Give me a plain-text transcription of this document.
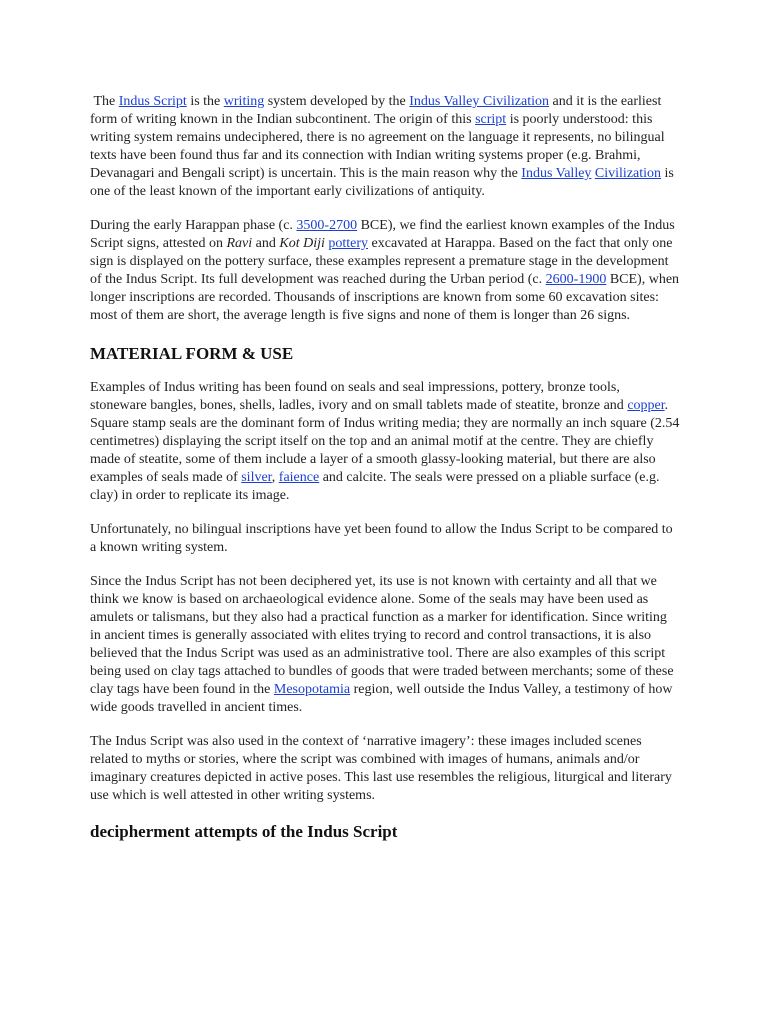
The Indus Script is the writing system developed by the Indus Valley Civilization and it is the earliest form of writing known in the Indian subcontinent. The origin of this script is poorly understood: this writing system remains undeciphered, there is no agreement on the language it represents, no bilingual texts have been found thus far and its connection with Indian writing systems proper (e.g. Brahmi, Devanagari and Bengali script) is uncertain. This is the main reason why the Indus Valley Civilization is one of the least known of the important early civilizations of antiquity.

During the early Harappan phase (c. 3500-2700 BCE), we find the earliest known examples of the Indus Script signs, attested on Ravi and Kot Diji pottery excavated at Harappa. Based on the fact that only one sign is displayed on the pottery surface, these examples represent a premature stage in the development of the Indus Script. Its full development was reached during the Urban period (c. 2600-1900 BCE), when longer inscriptions are recorded. Thousands of inscriptions are known from some 60 excavation sites: most of them are short, the average length is five signs and none of them is longer than 26 signs.

MATERIAL FORM & USE

Examples of Indus writing has been found on seals and seal impressions, pottery, bronze tools, stoneware bangles, bones, shells, ladles, ivory and on small tablets made of steatite, bronze and copper. Square stamp seals are the dominant form of Indus writing media; they are normally an inch square (2.54 centimetres) displaying the script itself on the top and an animal motif at the centre. They are chiefly made of steatite, some of them include a layer of a smooth glassy-looking material, but there are also examples of seals made of silver, faience and calcite. The seals were pressed on a pliable surface (e.g. clay) in order to replicate its image.

Unfortunately, no bilingual inscriptions have yet been found to allow the Indus Script to be compared to a known writing system.

Since the Indus Script has not been deciphered yet, its use is not known with certainty and all that we think we know is based on archaeological evidence alone. Some of the seals may have been used as amulets or talismans, but they also had a practical function as a marker for identification. Since writing in ancient times is generally associated with elites trying to record and control transactions, it is also believed that the Indus Script was used as an administrative tool. There are also examples of this script being used on clay tags attached to bundles of goods that were traded between merchants; some of these clay tags have been found in the Mesopotamia region, well outside the Indus Valley, a testimony of how wide goods travelled in ancient times.

The Indus Script was also used in the context of ‘narrative imagery’: these images included scenes related to myths or stories, where the script was combined with images of humans, animals and/or imaginary creatures depicted in active poses. This last use resembles the religious, liturgical and literary use which is well attested in other writing systems.

decipherment attempts of the Indus Script
